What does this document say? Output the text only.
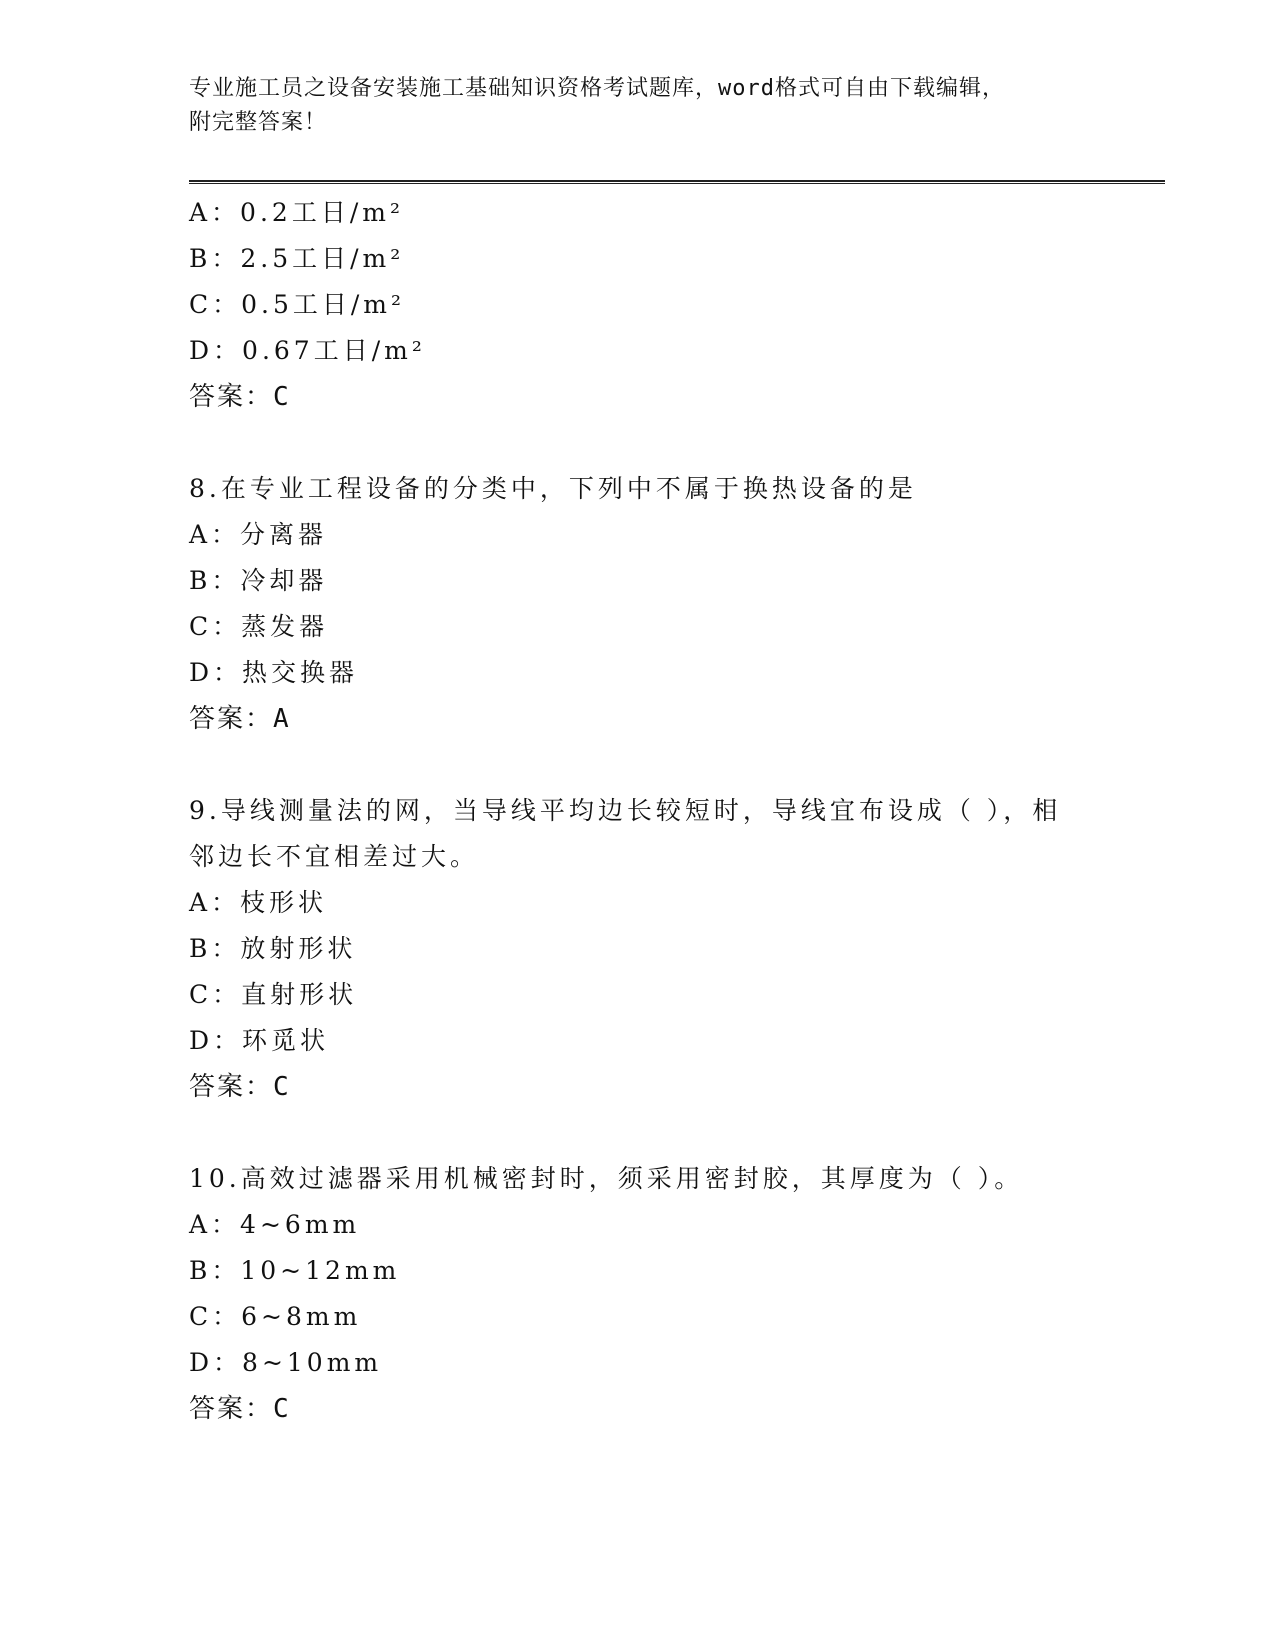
专业施工员之设备安装施工基础知识资格考试题库，word格式可自由下载编辑，
附完整答案！
A：0.2工日/m²
B：2.5工日/m²
C：0.5工日/m²
D：0.67工日/m²
答案：C
8.在专业工程设备的分类中，下列中不属于换热设备的是
A：分离器
B：冷却器
C：蒸发器
D：热交换器
答案：A
9.导线测量法的网，当导线平均边长较短时，导线宜布设成（ ），相
邻边长不宜相差过大。
A：枝形状
B：放射形状
C：直射形状
D：环觅状
答案：C
10.高效过滤器采用机械密封时，须采用密封胶，其厚度为（ ）。
A：4~6mm
B：10~12mm
C：6~8mm
D：8~10mm
答案：C
